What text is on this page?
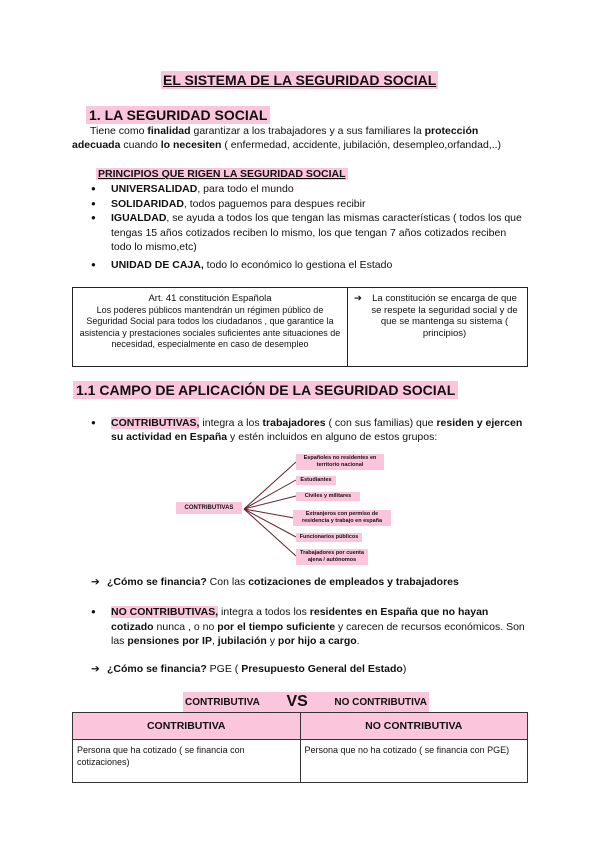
EL SISTEMA DE LA SEGURIDAD SOCIAL
1. LA SEGURIDAD SOCIAL
Tiene como finalidad garantizar a los trabajadores y a sus familiares la protección adecuada cuando lo necesiten ( enfermedad, accidente, jubilación, desempleo,orfandad,..)
PRINCIPIOS QUE RIGEN LA SEGURIDAD SOCIAL
● UNIVERSALIDAD, para todo el mundo
● SOLIDARIDAD, todos paguemos para despues recibir
● IGUALDAD, se ayuda a todos los que tengan las mismas características ( todos los que tengas 15 años cotizados reciben lo mismo, los que tengan 7 años cotizados reciben todo lo mismo,etc)
● UNIDAD DE CAJA, todo lo económico lo gestiona el Estado
Art. 41 constitución Española
Los poderes públicos mantendrán un régimen público de Seguridad Social para todos los ciudadanos , que garantice la asistencia y prestaciones sociales suficientes ante situaciones de necesidad, especialmente en caso de desempleo

➔	La constitución se encarga de que se respete la seguridad social y de que se mantenga su sistema ( principios)
1.1 CAMPO DE APLICACIÓN DE LA SEGURIDAD SOCIAL
● CONTRIBUTIVAS, integra a los trabajadores ( con sus familias) que residen y ejercen su actividad en España y estén incluidos en alguno de estos grupos:
CONTRIBUTIVAS
Españoles no residentes en territorio nacional
Estudiantes
Civiles y militares
Extranjeros con permiso de residencia y trabajo en españa
Funcionarios públicos
Trabajadores por cuenta ajena / autónomos
➔ ¿Cómo se financia? Con las cotizaciones de empleados y trabajadores
● NO CONTRIBUTIVAS, integra a todos los residentes en España que no hayan cotizado nunca , o no por el tiempo suficiente y carecen de recursos económicos. Son las pensiones por IP, jubilación y por hijo a cargo.
➔ ¿Cómo se financia? PGE ( Presupuesto General del Estado)
CONTRIBUTIVA VS	NO CONTRIBUTIVA
CONTRIBUTIVA	NO CONTRIBUTIVA
Persona que ha cotizado ( se financia con cotizaciones)	Persona que no ha cotizado ( se financia con PGE)
